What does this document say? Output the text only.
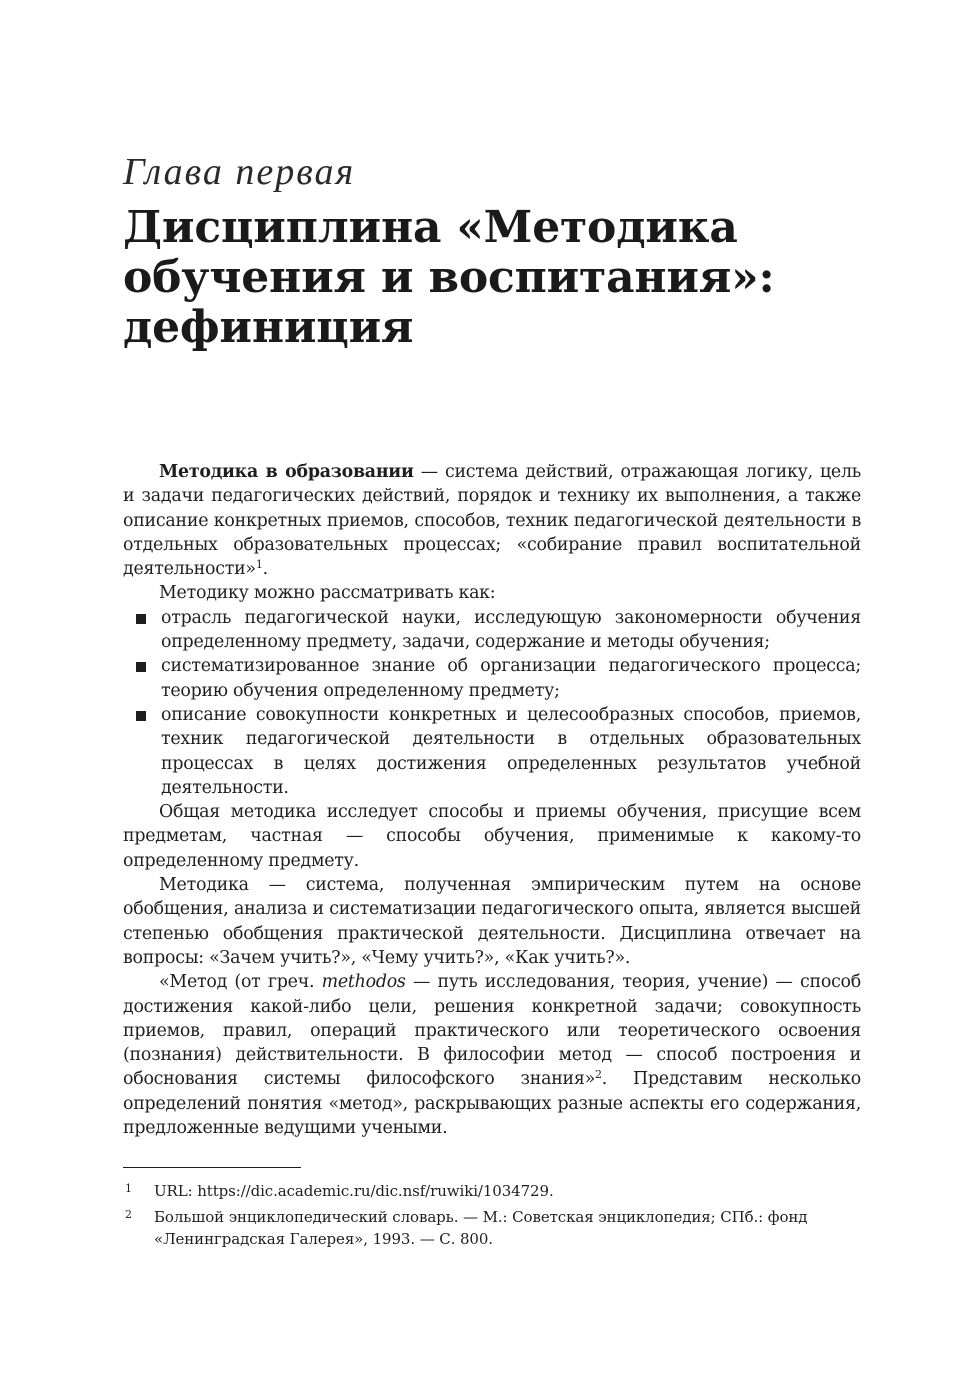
Глава первая
Дисциплина «Методика
обучения и воспитания»:
дефиниция

Методика в образовании — система действий, отражающая логику, цель и задачи педагогических действий, порядок и технику их выполнения, а также описание конкретных приемов, способов, техник педагогической деятельности в отдельных образовательных процессах; «собирание правил воспитательной деятельности»$^1$.

Методику можно рассматривать как:

отрасль педагогической науки, исследующую закономерности обучения определенному предмету, задачи, содержание и методы обучения;
систематизированное знание об организации педагогического процесса; теорию обучения определенному предмету;
описание совокупности конкретных и целесообразных способов, приемов, техник педагогической деятельности в отдельных образовательных процессах в целях достижения определенных результатов учебной деятельности.

Общая методика исследует способы и приемы обучения, присущие всем предметам, частная — способы обучения, применимые к какому-то определенному предмету.

Методика — система, полученная эмпирическим путем на основе обобщения, анализа и систематизации педагогического опыта, является высшей степенью обобщения практической деятельности. Дисциплина отвечает на вопросы: «Зачем учить?», «Чему учить?», «Как учить?».

«Метод (от греч. methodos — путь исследования, теория, учение) — способ достижения какой-либо цели, решения конкретной задачи; совокупность приемов, правил, операций практического или теоретического освоения (познания) действительности. В философии метод — способ построения и обоснования системы философского знания»$^2$. Представим несколько определений понятия «метод», раскрывающих разные аспекты его содержания, предложенные ведущими учеными.

1 URL: https://dic.academic.ru/dic.nsf/ruwiki/1034729.
2 Большой энциклопедический словарь. — М.: Советская энциклопедия; СПб.: фонд «Ленинградская Галерея», 1993. — С. 800.
